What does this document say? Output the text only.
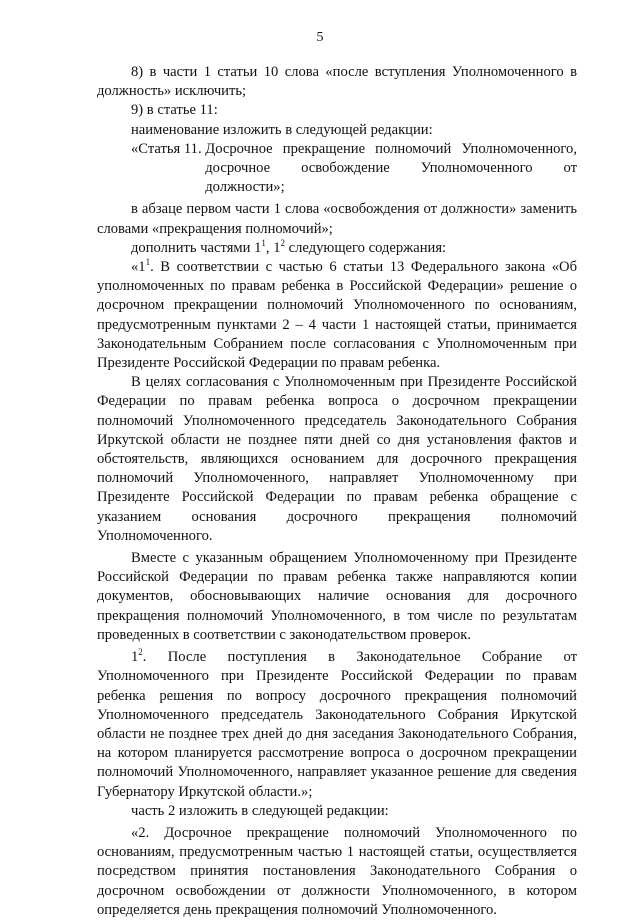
5

8) в части 1 статьи 10 слова «после вступления Уполномоченного в должность» исключить;

9) в статье 11:

наименование изложить в следующей редакции:

«Статья 11. Досрочное прекращение полномочий Уполномоченного, досрочное освобождение Уполномоченного от должности»;

в абзаце первом части 1 слова «освобождения от должности» заменить словами «прекращения полномочий»;

дополнить частями $1^1$, $1^2$ следующего содержания:

«$1^1$. В соответствии с частью 6 статьи 13 Федерального закона «Об уполномоченных по правам ребенка в Российской Федерации» решение о досрочном прекращении полномочий Уполномоченного по основаниям, предусмотренным пунктами 2 – 4 части 1 настоящей статьи, принимается Законодательным Собранием после согласования с Уполномоченным при Президенте Российской Федерации по правам ребенка.

В целях согласования с Уполномоченным при Президенте Российской Федерации по правам ребенка вопроса о досрочном прекращении полномочий Уполномоченного председатель Законодательного Собрания Иркутской области не позднее пяти дней со дня установления фактов и обстоятельств, являющихся основанием для досрочного прекращения полномочий Уполномоченного, направляет Уполномоченному при Президенте Российской Федерации по правам ребенка обращение с указанием основания досрочного прекращения полномочий Уполномоченного.

Вместе с указанным обращением Уполномоченному при Президенте Российской Федерации по правам ребенка также направляются копии документов, обосновывающих наличие основания для досрочного прекращения полномочий Уполномоченного, в том числе по результатам проведенных в соответствии с законодательством проверок.

$1^2$. После поступления в Законодательное Собрание от Уполномоченного при Президенте Российской Федерации по правам ребенка решения по вопросу досрочного прекращения полномочий Уполномоченного председатель Законодательного Собрания Иркутской области не позднее трех дней до дня заседания Законодательного Собрания, на котором планируется рассмотрение вопроса о досрочном прекращении полномочий Уполномоченного, направляет указанное решение для сведения Губернатору Иркутской области.»;

часть 2 изложить в следующей редакции:

«2. Досрочное прекращение полномочий Уполномоченного по основаниям, предусмотренным частью 1 настоящей статьи, осуществляется посредством принятия постановления Законодательного Собрания о досрочном освобождении от должности Уполномоченного, в котором определяется день прекращения полномочий Уполномоченного.
